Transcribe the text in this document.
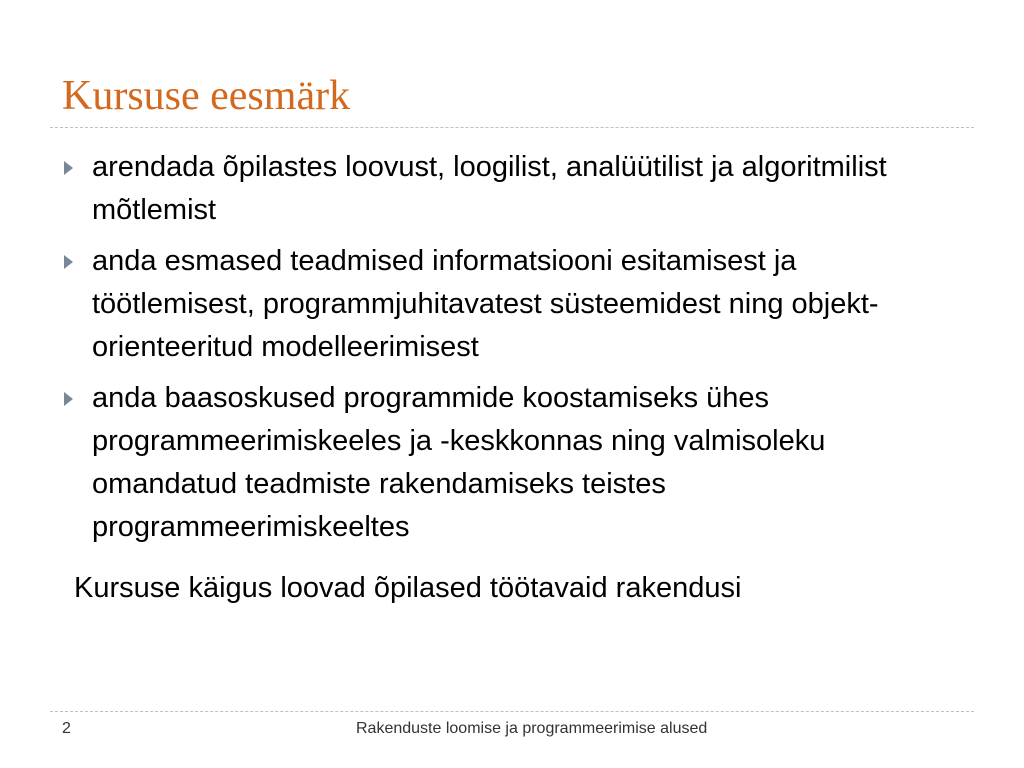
Kursuse eesmärk
arendada õpilastes loovust, loogilist, analüütilist ja algoritmilist mõtlemist
anda esmased teadmised informatsiooni esitamisest ja töötlemisest, programmjuhitavatest süsteemidest ning objekt-orienteeritud modelleerimisest
anda baasoskused programmide koostamiseks ühes programmeerimiskeeles ja -keskkonnas ning valmisoleku omandatud teadmiste rakendamiseks teistes programmeerimiskeeltes

Kursuse käigus loovad õpilased töötavaid rakendusi

2	Rakenduste loomise ja programmeerimise alused
